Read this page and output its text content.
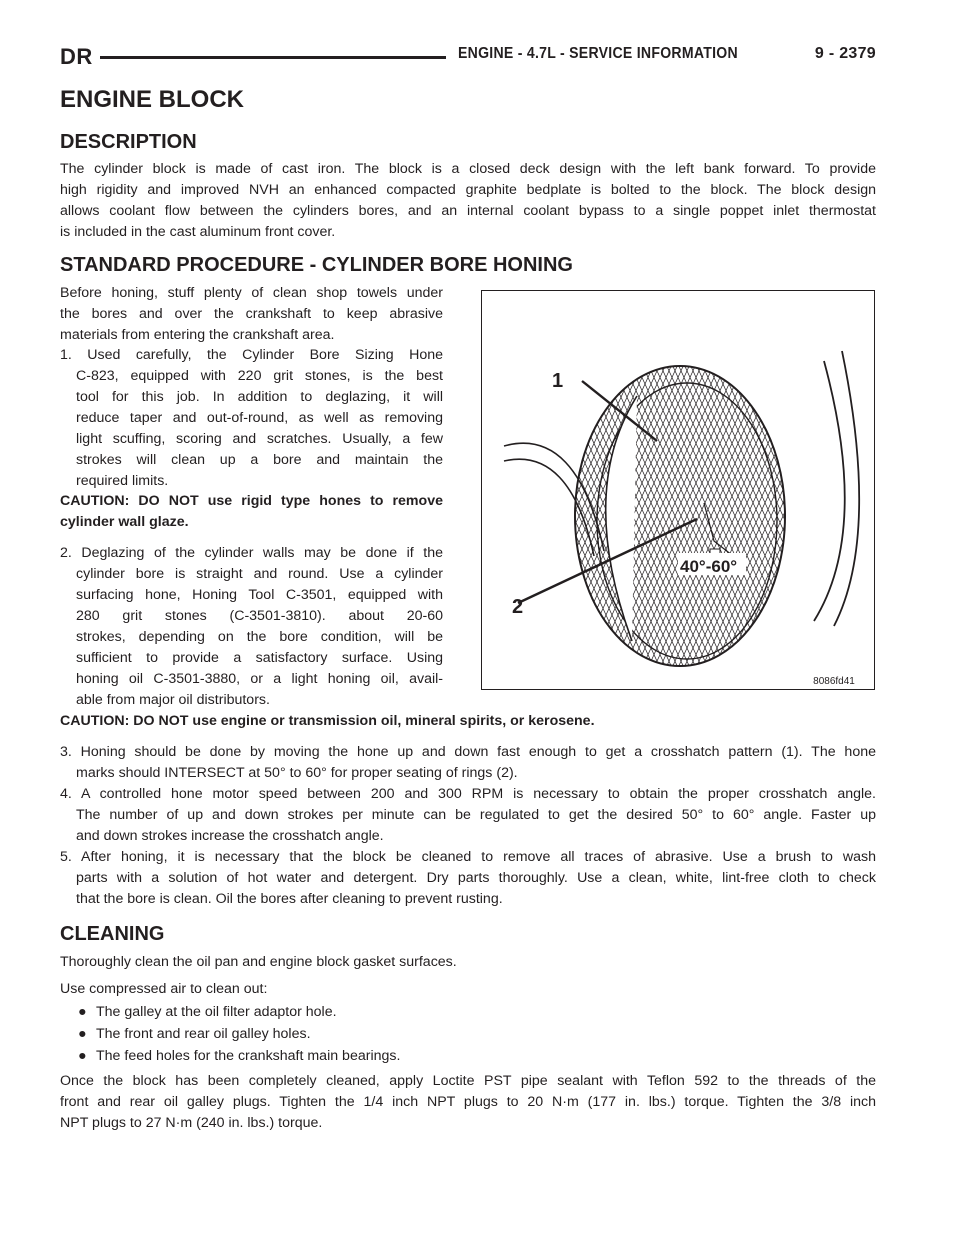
DR	ENGINE - 4.7L - SERVICE INFORMATION	9 - 2379
ENGINE BLOCK
DESCRIPTION
The cylinder block is made of cast iron. The block is a closed deck design with the left bank forward. To provide
high rigidity and improved NVH an enhanced compacted graphite bedplate is bolted to the block. The block design
allows coolant flow between the cylinders bores, and an internal coolant bypass to a single poppet inlet thermostat
is included in the cast aluminum front cover.
STANDARD PROCEDURE - CYLINDER BORE HONING
Before honing, stuff plenty of clean shop towels under
the bores and over the crankshaft to keep abrasive
materials from entering the crankshaft area.
1. Used carefully, the Cylinder Bore Sizing Hone
C-823, equipped with 220 grit stones, is the best
tool for this job. In addition to deglazing, it will
reduce taper and out-of-round, as well as removing
light scuffing, scoring and scratches. Usually, a few
strokes will clean up a bore and maintain the
required limits.
CAUTION: DO NOT use rigid type hones to remove
cylinder wall glaze.
2. Deglazing of the cylinder walls may be done if the
cylinder bore is straight and round. Use a cylinder
surfacing hone, Honing Tool C-3501, equipped with
280 grit stones (C-3501-3810). about 20-60
strokes, depending on the bore condition, will be
sufficient to provide a satisfactory surface. Using
honing oil C-3501-3880, or a light honing oil, avail-
able from major oil distributors.
1
2
40°-60°
8086fd41
CAUTION: DO NOT use engine or transmission oil, mineral spirits, or kerosene.
3. Honing should be done by moving the hone up and down fast enough to get a crosshatch pattern (1). The hone
marks should INTERSECT at 50° to 60° for proper seating of rings (2).
4. A controlled hone motor speed between 200 and 300 RPM is necessary to obtain the proper crosshatch angle.
The number of up and down strokes per minute can be regulated to get the desired 50° to 60° angle. Faster up
and down strokes increase the crosshatch angle.
5. After honing, it is necessary that the block be cleaned to remove all traces of abrasive. Use a brush to wash
parts with a solution of hot water and detergent. Dry parts thoroughly. Use a clean, white, lint-free cloth to check
that the bore is clean. Oil the bores after cleaning to prevent rusting.
CLEANING
Thoroughly clean the oil pan and engine block gasket surfaces.
Use compressed air to clean out:
● The galley at the oil filter adaptor hole.
● The front and rear oil galley holes.
● The feed holes for the crankshaft main bearings.
Once the block has been completely cleaned, apply Loctite PST pipe sealant with Teflon 592 to the threads of the
front and rear oil galley plugs. Tighten the 1/4 inch NPT plugs to 20 N·m (177 in. lbs.) torque. Tighten the 3/8 inch
NPT plugs to 27 N·m (240 in. lbs.) torque.
